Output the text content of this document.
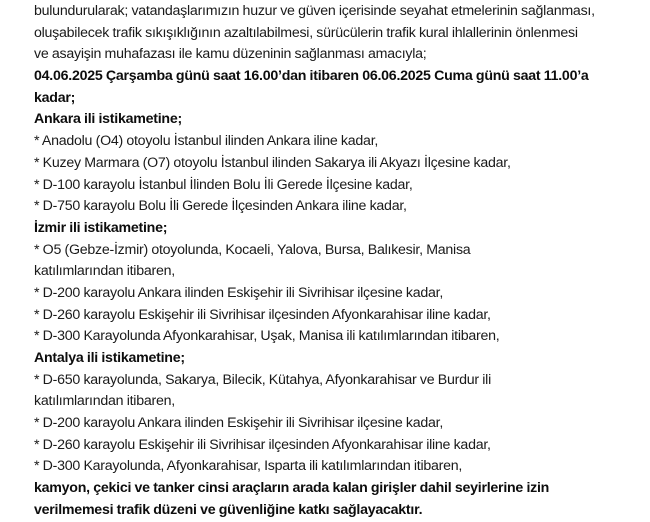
bulundurularak; vatandaşlarımızın huzur ve güven içerisinde seyahat etmelerinin sağlanması,
oluşabilecek trafik sıkışıklığının azaltılabilmesi, sürücülerin trafik kural ihlallerinin önlenmesi
ve asayişin muhafazası ile kamu düzeninin sağlanması amacıyla;
04.06.2025 Çarşamba günü saat 16.00’dan itibaren 06.06.2025 Cuma günü saat 11.00’a
kadar;
Ankara ili istikametine;
* Anadolu (O4) otoyolu İstanbul ilinden Ankara iline kadar,
* Kuzey Marmara (O7) otoyolu İstanbul ilinden Sakarya ili Akyazı İlçesine kadar,
* D-100 karayolu İstanbul İlinden Bolu İli Gerede İlçesine kadar,
* D-750 karayolu Bolu İli Gerede İlçesinden Ankara iline kadar,
İzmir ili istikametine;
* O5 (Gebze-İzmir) otoyolunda, Kocaeli, Yalova, Bursa, Balıkesir, Manisa
katılımlarından itibaren,
* D-200 karayolu Ankara ilinden Eskişehir ili Sivrihisar ilçesine kadar,
* D-260 karayolu Eskişehir ili Sivrihisar ilçesinden Afyonkarahisar iline kadar,
* D-300 Karayolunda Afyonkarahisar, Uşak, Manisa ili katılımlarından itibaren,
Antalya ili istikametine;
* D-650 karayolunda, Sakarya, Bilecik, Kütahya, Afyonkarahisar ve Burdur ili
katılımlarından itibaren,
* D-200 karayolu Ankara ilinden Eskişehir ili Sivrihisar ilçesine kadar,
* D-260 karayolu Eskişehir ili Sivrihisar ilçesinden Afyonkarahisar iline kadar,
* D-300 Karayolunda, Afyonkarahisar, Isparta ili katılımlarından itibaren,
kamyon, çekici ve tanker cinsi araçların arada kalan girişler dahil seyirlerine izin
verilmemesi trafik düzeni ve güvenliğine katkı sağlayacaktır.
